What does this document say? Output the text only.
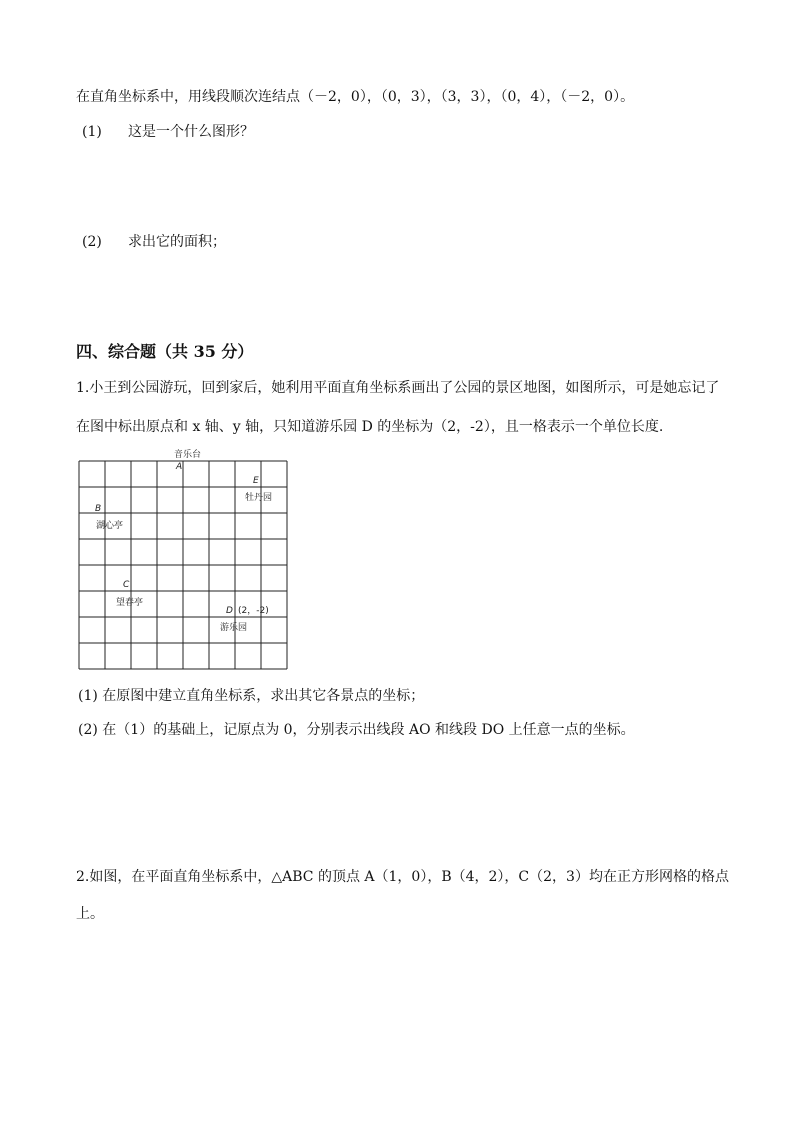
在直角坐标系中，用线段顺次连结点（－2，0），（0，3），（3，3），（0，4），（－2，0）。
(1) 这是一个什么图形？
(2) 求出它的面积；
四、综合题（共 35 分）
1.小王到公园游玩，回到家后，她利用平面直角坐标系画出了公园的景区地图，如图所示，可是她忘记了
在图中标出原点和 x 轴、y 轴，只知道游乐园 D 的坐标为（2，-2），且一格表示一个单位长度.
音乐台
A
E
牡丹园
B
湖心亭
C
望春亭
D (2，-2)
游乐园
(1) 在原图中建立直角坐标系，求出其它各景点的坐标；
(2) 在（1）的基础上，记原点为 0，分别表示出线段 AO 和线段 DO 上任意一点的坐标。
2.如图，在平面直角坐标系中，△ABC 的顶点 A（1，0），B（4，2），C（2，3）均在正方形网格的格点
上。
